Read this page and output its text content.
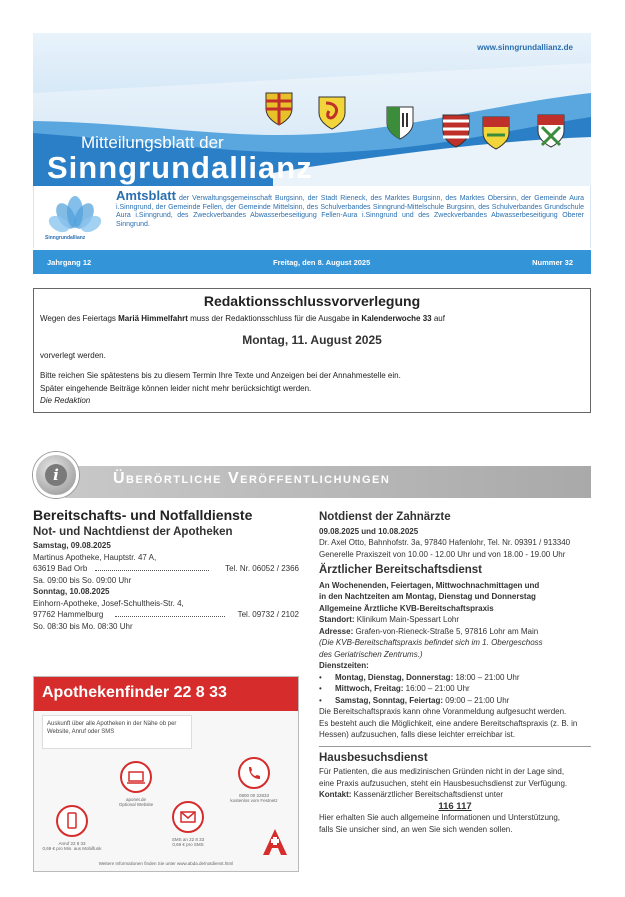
www.sinngrundallianz.de
Mitteilungsblatt der
Sinngrundallianz
Sinngrundallianz
Amtsblatt der Verwaltungsgemeinschaft Burgsinn, der Stadt Rieneck, des Marktes Burgsinn, des Marktes Obersinn, der Gemeinde Aura i.Sinngrund, der Gemeinde Fellen, der Gemeinde Mittelsinn, des Schulverbandes Sinngrund-Mittelschule Burgsinn, des Schulverbandes Grundschule Aura i.Sinngrund, des Zweckverbandes Abwasserbeseitigung Fellen-Aura i.Sinngrund und des Zweckverbandes Abwasserbeseitigung Oberer Sinngrund.
Jahrgang 12	Freitag, den 8. August 2025	Nummer 32
Redaktionsschlussvorverlegung

Wegen des Feiertags Mariä Himmelfahrt muss der Redaktionsschluss für die Ausgabe in Kalenderwoche 33 auf

Montag, 11. August 2025

vorverlegt werden.

Bitte reichen Sie spätestens bis zu diesem Termin Ihre Texte und Anzeigen bei der Annahmestelle ein.

Später eingehende Beiträge können leider nicht mehr berücksichtigt werden.

Die Redaktion

i	Überörtliche Veröffentlichungen
Bereitschafts- und Notfalldienste
Not- und Nachtdienst der Apotheken
Samstag, 09.08.2025
Martinus Apotheke, Hauptstr. 47 A,
63619 Bad Orb	Tel. Nr. 06052 / 2366
Sa. 09:00 bis So. 09:00 Uhr
Sonntag, 10.08.2025
Einhorn-Apotheke, Josef-Schultheis-Str. 4,
97762 Hammelburg	Tel. 09732 / 2102
So. 08:30 bis Mo. 08:30 Uhr
Apothekenfinder 22 8 33
Auskunft über alle Apotheken in der Nähe ob per Website, Anruf oder SMS
aponet.de
Optional Website
0800 00 22833
kostenlos vom Festnetz
Anruf 22 8 33
0,69 € pro Min. aus Mobilfunk
SMS an 22 8 33
0,69 € pro SMS
Weitere Informationen finden Sie unter www.abda.de/notdienst.html
Notdienst der Zahnärzte
09.08.2025 und 10.08.2025
Dr. Axel Otto, Bahnhofstr. 3a, 97840 Hafenlohr, Tel. Nr. 09391 / 913340
Generelle Praxiszeit von 10.00 - 12.00 Uhr und von 18.00 - 19.00 Uhr
Ärztlicher Bereitschaftsdienst
An Wochenenden, Feiertagen, Mittwochnachmittagen und
in den Nachtzeiten am Montag, Dienstag und Donnerstag
Allgemeine Ärztliche KVB-Bereitschaftspraxis
Standort: Klinikum Main-Spessart Lohr
Adresse: Grafen-von-Rieneck-Straße 5, 97816 Lohr am Main
(Die KVB-Bereitschaftspraxis befindet sich im 1. Obergeschoss
des Geriatrischen Zentrums.)
Dienstzeiten:
• Montag, Dienstag, Donnerstag: 18:00 – 21:00 Uhr
• Mittwoch, Freitag: 16:00 – 21:00 Uhr
• Samstag, Sonntag, Feiertag: 09:00 – 21:00 Uhr
Die Bereitschaftspraxis kann ohne Voranmeldung aufgesucht werden.
Es besteht auch die Möglichkeit, eine andere Bereitschaftspraxis (z. B. in
Hessen) aufzusuchen, falls diese leichter erreichbar ist.
Hausbesuchsdienst
Für Patienten, die aus medizinischen Gründen nicht in der Lage sind,
eine Praxis aufzusuchen, steht ein Hausbesuchsdienst zur Verfügung.
Kontakt: Kassenärztlicher Bereitschaftsdienst unter
116 117
Hier erhalten Sie auch allgemeine Informationen und Unterstützung,
falls Sie unsicher sind, an wen Sie sich wenden sollen.
